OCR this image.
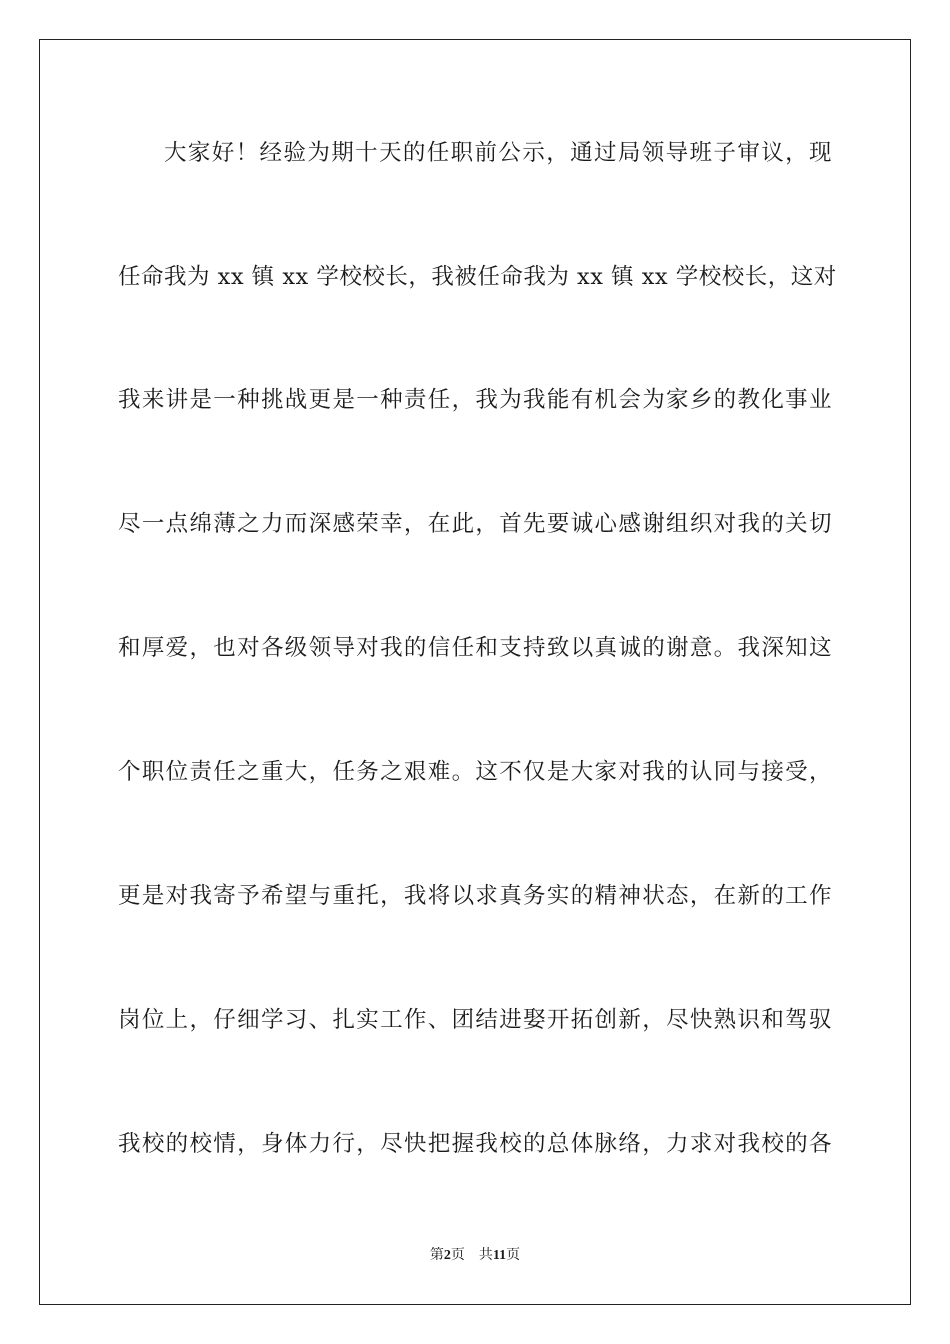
大家好！经验为期十天的任职前公示，通过局领导班子审议，现
任命我为 xx 镇 xx 学校校长，我被任命我为 xx 镇 xx 学校校长，这对
我来讲是一种挑战更是一种责任，我为我能有机会为家乡的教化事业
尽一点绵薄之力而深感荣幸，在此，首先要诚心感谢组织对我的关切
和厚爱，也对各级领导对我的信任和支持致以真诚的谢意。我深知这
个职位责任之重大，任务之艰难。这不仅是大家对我的认同与接受，
更是对我寄予希望与重托，我将以求真务实的精神状态，在新的工作
岗位上，仔细学习、扎实工作、团结进娶开拓创新，尽快熟识和驾驭
我校的校情，身体力行，尽快把握我校的总体脉络，力求对我校的各
第2页 共11页
